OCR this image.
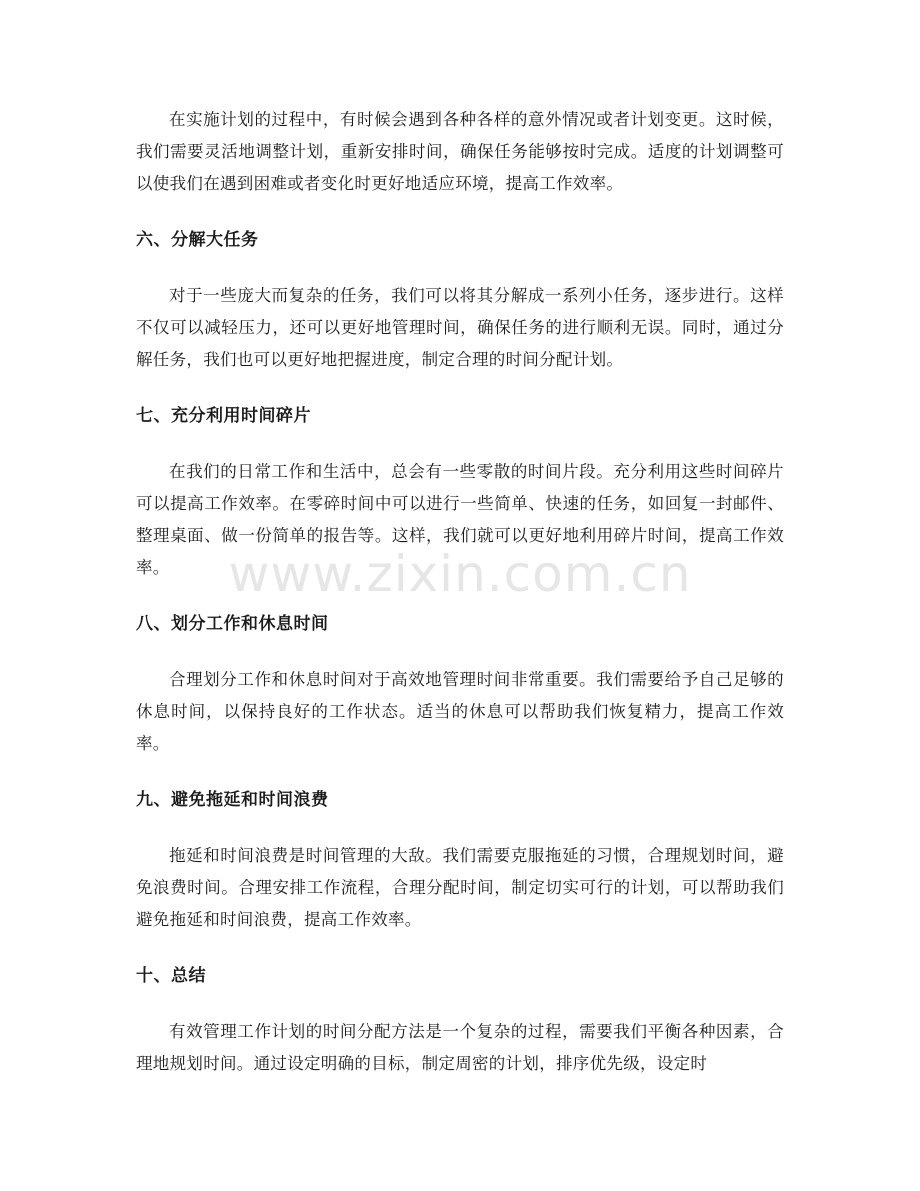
在实施计划的过程中，有时候会遇到各种各样的意外情况或者计划变更。这时候，我们需要灵活地调整计划，重新安排时间，确保任务能够按时完成。适度的计划调整可以使我们在遇到困难或者变化时更好地适应环境，提高工作效率。

六、分解大任务

对于一些庞大而复杂的任务，我们可以将其分解成一系列小任务，逐步进行。这样不仅可以减轻压力，还可以更好地管理时间，确保任务的进行顺利无误。同时，通过分解任务，我们也可以更好地把握进度，制定合理的时间分配计划。

七、充分利用时间碎片

在我们的日常工作和生活中，总会有一些零散的时间片段。充分利用这些时间碎片可以提高工作效率。在零碎时间中可以进行一些简单、快速的任务，如回复一封邮件、整理桌面、做一份简单的报告等。这样，我们就可以更好地利用碎片时间，提高工作效率。

八、划分工作和休息时间

合理划分工作和休息时间对于高效地管理时间非常重要。我们需要给予自己足够的休息时间，以保持良好的工作状态。适当的休息可以帮助我们恢复精力，提高工作效率。

九、避免拖延和时间浪费

拖延和时间浪费是时间管理的大敌。我们需要克服拖延的习惯，合理规划时间，避免浪费时间。合理安排工作流程，合理分配时间，制定切实可行的计划，可以帮助我们避免拖延和时间浪费，提高工作效率。

十、总结

有效管理工作计划的时间分配方法是一个复杂的过程，需要我们平衡各种因素，合理地规划时间。通过设定明确的目标，制定周密的计划，排序优先级，设定时

www.zixin.com.cn
